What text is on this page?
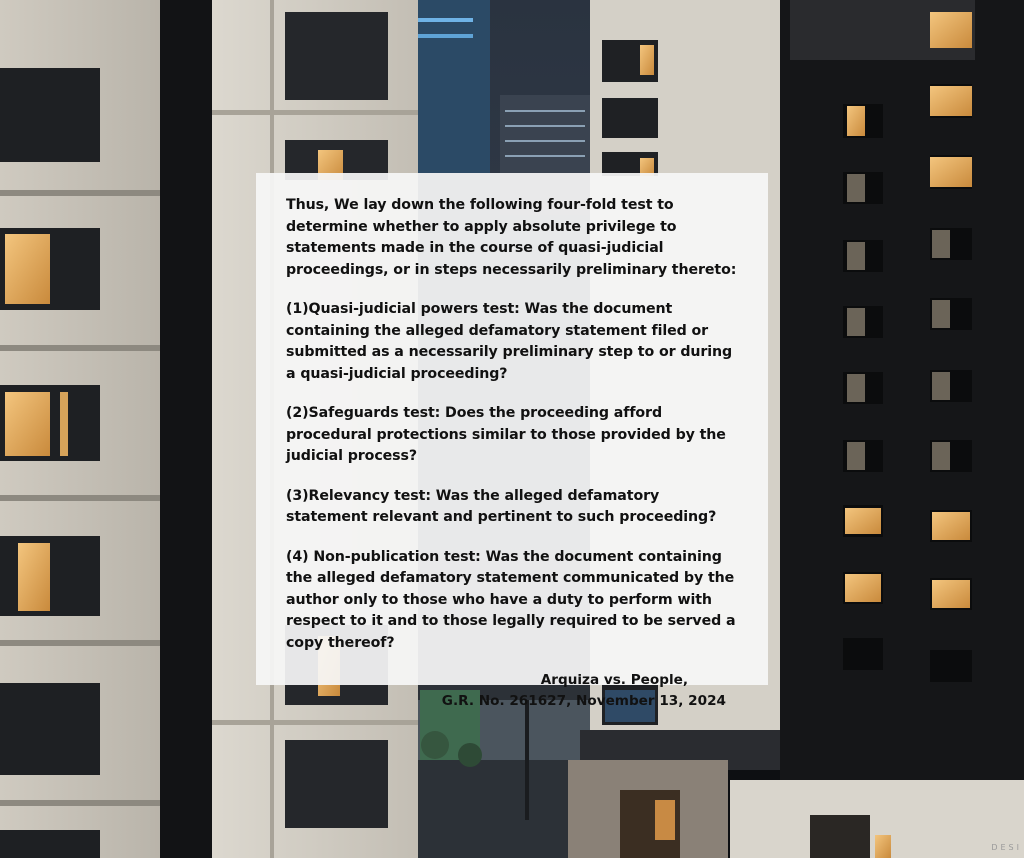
Thus, We lay down the following four-fold test to determine whether to apply absolute privilege to statements made in the course of quasi-judicial proceedings, or in steps necessarily preliminary thereto:

(1)Quasi-judicial powers test: Was the document containing the alleged defamatory statement filed or submitted as a necessarily preliminary step to or during a quasi-judicial proceeding?

(2)Safeguards test: Does the proceeding afford procedural protections similar to those provided by the judicial process?

(3)Relevancy test: Was the alleged defamatory statement relevant and pertinent to such proceeding?

(4) Non-publication test: Was the document containing the alleged defamatory statement communicated by the author only to those who have a duty to perform with respect to it and to those legally required to be served a copy thereof?

Arquiza vs. People,
G.R. No. 261627, November 13, 2024
DESI
